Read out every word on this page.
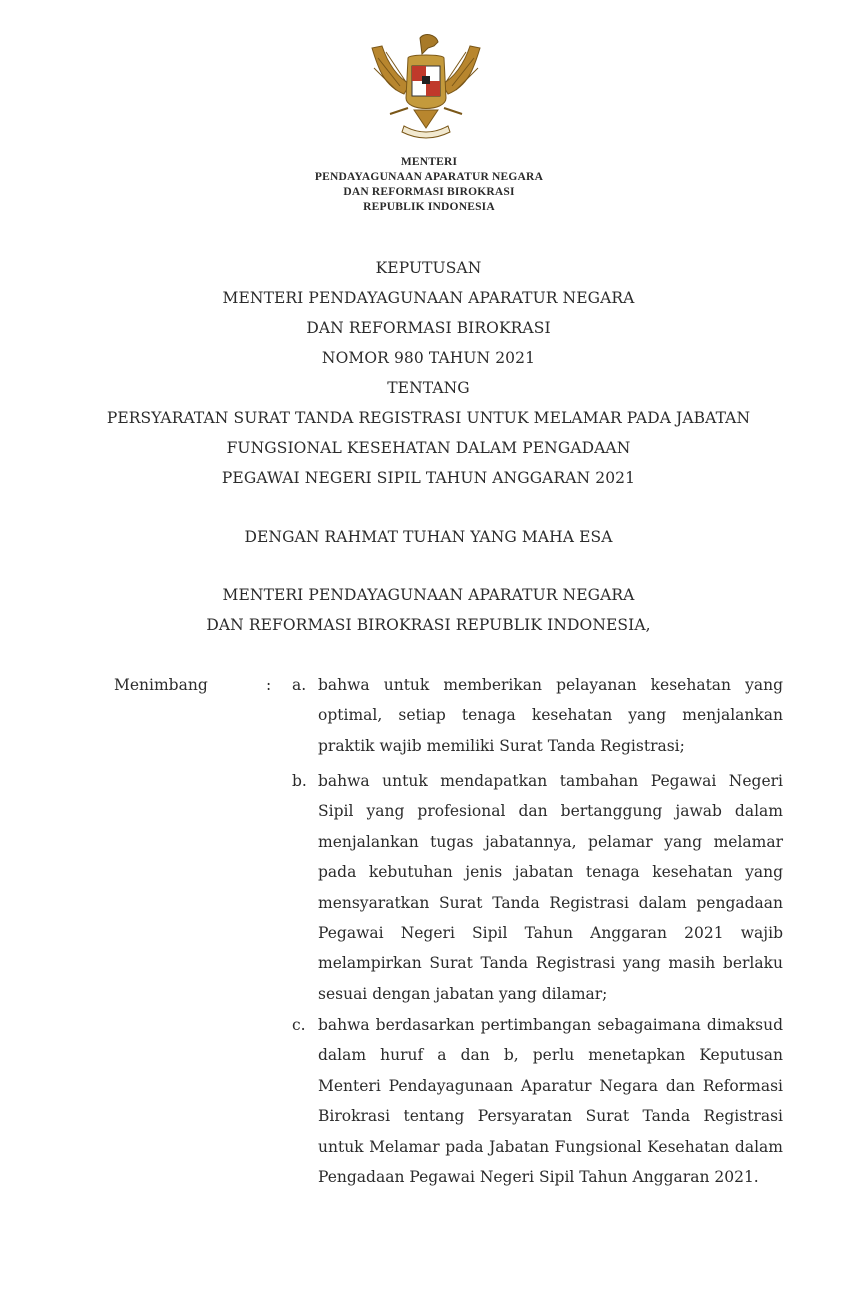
MENTERI
PENDAYAGUNAAN APARATUR NEGARA
DAN REFORMASI BIROKRASI
REPUBLIK INDONESIA
KEPUTUSAN
MENTERI PENDAYAGUNAAN APARATUR NEGARA
DAN REFORMASI BIROKRASI
NOMOR 980 TAHUN 2021
TENTANG
PERSYARATAN SURAT TANDA REGISTRASI UNTUK MELAMAR PADA JABATAN
FUNGSIONAL KESEHATAN DALAM PENGADAAN
PEGAWAI NEGERI SIPIL TAHUN ANGGARAN 2021
DENGAN RAHMAT TUHAN YANG MAHA ESA
MENTERI PENDAYAGUNAAN APARATUR NEGARA
DAN REFORMASI BIROKRASI REPUBLIK INDONESIA,
Menimbang	: a. bahwa untuk memberikan pelayanan kesehatan yang optimal, setiap tenaga kesehatan yang menjalankan praktik wajib memiliki Surat Tanda Registrasi;
b. bahwa untuk mendapatkan tambahan Pegawai Negeri Sipil yang profesional dan bertanggung jawab dalam menjalankan tugas jabatannya, pelamar yang melamar pada kebutuhan jenis jabatan tenaga kesehatan yang mensyaratkan Surat Tanda Registrasi dalam pengadaan Pegawai Negeri Sipil Tahun Anggaran 2021 wajib melampirkan Surat Tanda Registrasi yang masih berlaku sesuai dengan jabatan yang dilamar;
c. bahwa berdasarkan pertimbangan sebagaimana dimaksud dalam huruf a dan b, perlu menetapkan Keputusan Menteri Pendayagunaan Aparatur Negara dan Reformasi Birokrasi tentang Persyaratan Surat Tanda Registrasi untuk Melamar pada Jabatan Fungsional Kesehatan dalam Pengadaan Pegawai Negeri Sipil Tahun Anggaran 2021.
